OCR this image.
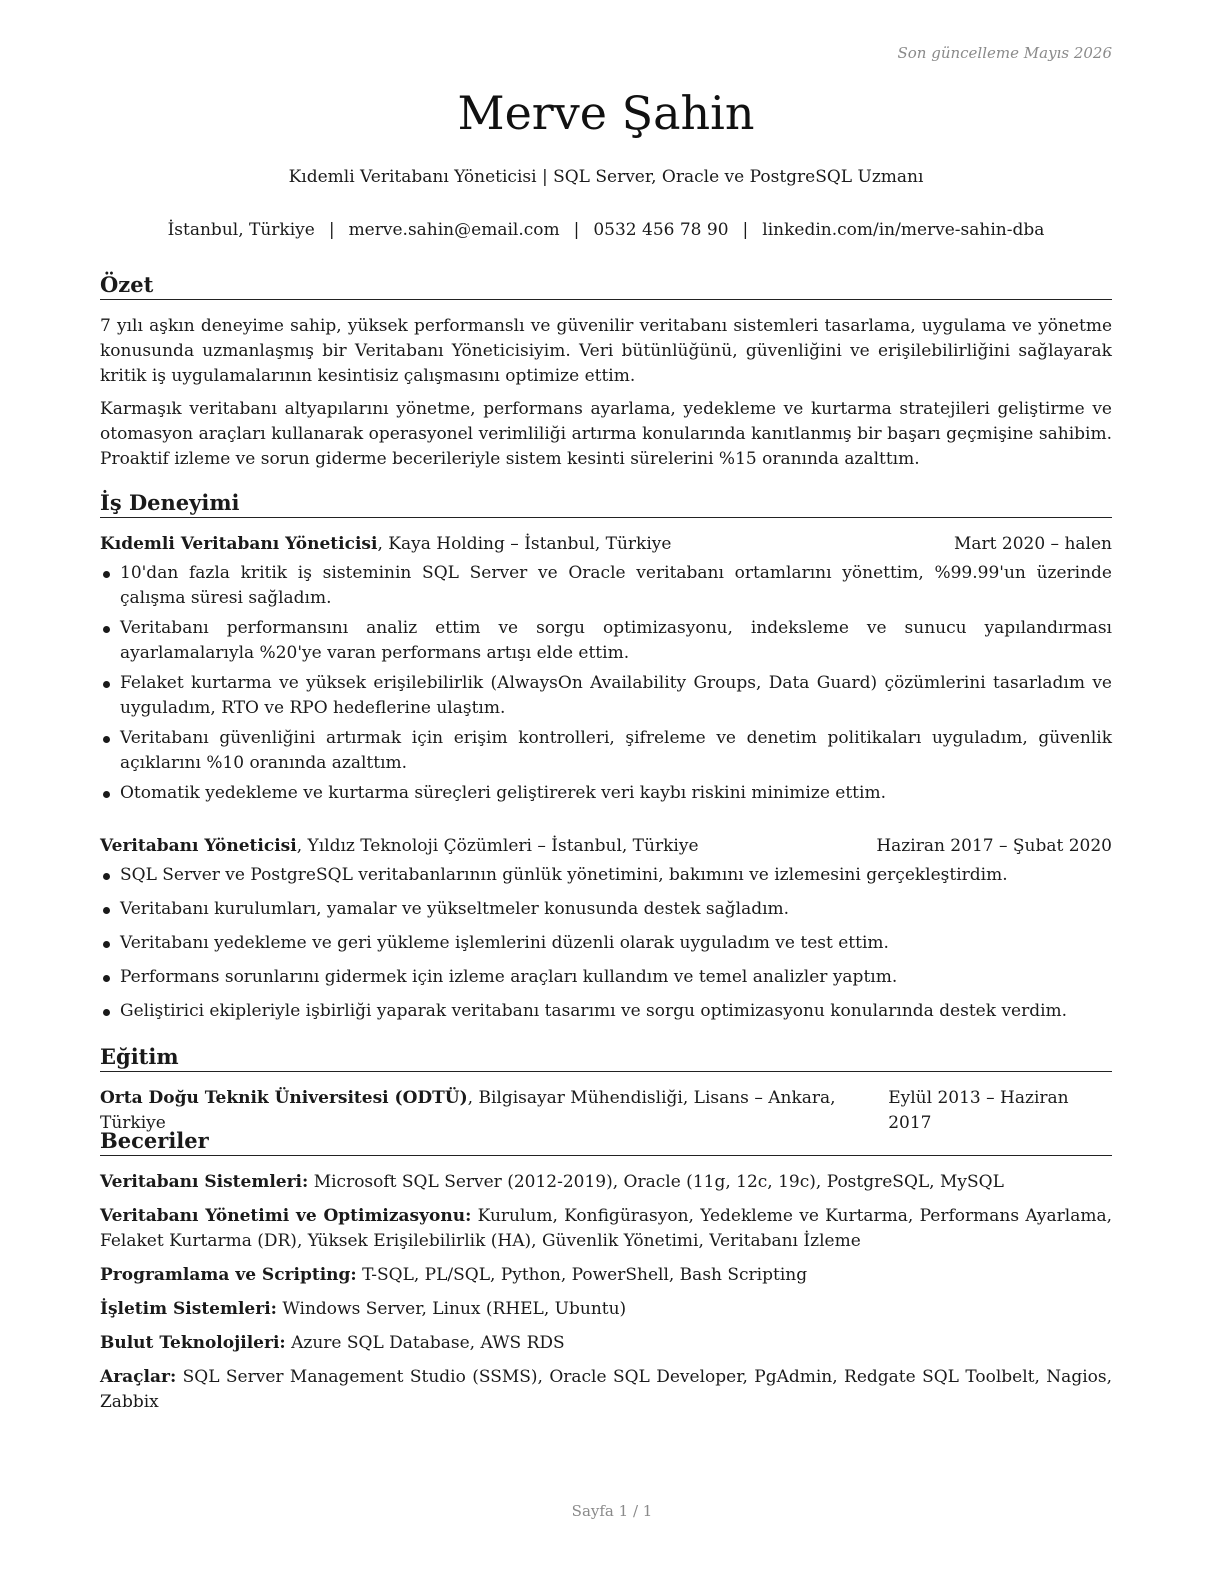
Son güncelleme Mayıs 2026
Merve Şahin
Kıdemli Veritabanı Yöneticisi | SQL Server, Oracle ve PostgreSQL Uzmanı
İstanbul, Türkiye | merve.sahin@email.com | 0532 456 78 90 | linkedin.com/in/merve-sahin-dba
Özet

7 yılı aşkın deneyime sahip, yüksek performanslı ve güvenilir veritabanı sistemleri tasarlama, uygulama ve yönetme konusunda uzmanlaşmış bir Veritabanı Yöneticisiyim. Veri bütünlüğünü, güvenliğini ve erişilebilirliğini sağlayarak kritik iş uygulamalarının kesintisiz çalışmasını optimize ettim.

Karmaşık veritabanı altyapılarını yönetme, performans ayarlama, yedekleme ve kurtarma stratejileri geliştirme ve otomasyon araçları kullanarak operasyonel verimliliği artırma konularında kanıtlanmış bir başarı geçmişine sahibim. Proaktif izleme ve sorun giderme becerileriyle sistem kesinti sürelerini %15 oranında azalttım.

İş Deneyimi
Kıdemli Veritabanı Yöneticisi, Kaya Holding – İstanbul, Türkiye	Mart 2020 – halen
10'dan fazla kritik iş sisteminin SQL Server ve Oracle veritabanı ortamlarını yönettim, %99.99'un üzerinde çalışma süresi sağladım.
Veritabanı performansını analiz ettim ve sorgu optimizasyonu, indeksleme ve sunucu yapılandırması ayarlamalarıyla %20'ye varan performans artışı elde ettim.
Felaket kurtarma ve yüksek erişilebilirlik (AlwaysOn Availability Groups, Data Guard) çözümlerini tasarladım ve uyguladım, RTO ve RPO hedeflerine ulaştım.
Veritabanı güvenliğini artırmak için erişim kontrolleri, şifreleme ve denetim politikaları uyguladım, güvenlik açıklarını %10 oranında azalttım.
Otomatik yedekleme ve kurtarma süreçleri geliştirerek veri kaybı riskini minimize ettim.
Veritabanı Yöneticisi, Yıldız Teknoloji Çözümleri – İstanbul, Türkiye	Haziran 2017 – Şubat 2020
SQL Server ve PostgreSQL veritabanlarının günlük yönetimini, bakımını ve izlemesini gerçekleştirdim.
Veritabanı kurulumları, yamalar ve yükseltmeler konusunda destek sağladım.
Veritabanı yedekleme ve geri yükleme işlemlerini düzenli olarak uyguladım ve test ettim.
Performans sorunlarını gidermek için izleme araçları kullandım ve temel analizler yaptım.
Geliştirici ekipleriyle işbirliği yaparak veritabanı tasarımı ve sorgu optimizasyonu konularında destek verdim.
Eğitim
Orta Doğu Teknik Üniversitesi (ODTÜ), Bilgisayar Mühendisliği, Lisans – Ankara, Türkiye
Eylül 2013 – Haziran 2017
Beceriler

Veritabanı Sistemleri: Microsoft SQL Server (2012-2019), Oracle (11g, 12c, 19c), PostgreSQL, MySQL

Veritabanı Yönetimi ve Optimizasyonu: Kurulum, Konfigürasyon, Yedekleme ve Kurtarma, Performans Ayarlama, Felaket Kurtarma (DR), Yüksek Erişilebilirlik (HA), Güvenlik Yönetimi, Veritabanı İzleme

Programlama ve Scripting: T-SQL, PL/SQL, Python, PowerShell, Bash Scripting

İşletim Sistemleri: Windows Server, Linux (RHEL, Ubuntu)

Bulut Teknolojileri: Azure SQL Database, AWS RDS

Araçlar: SQL Server Management Studio (SSMS), Oracle SQL Developer, PgAdmin, Redgate SQL Toolbelt, Nagios, Zabbix

Sayfa 1 / 1
